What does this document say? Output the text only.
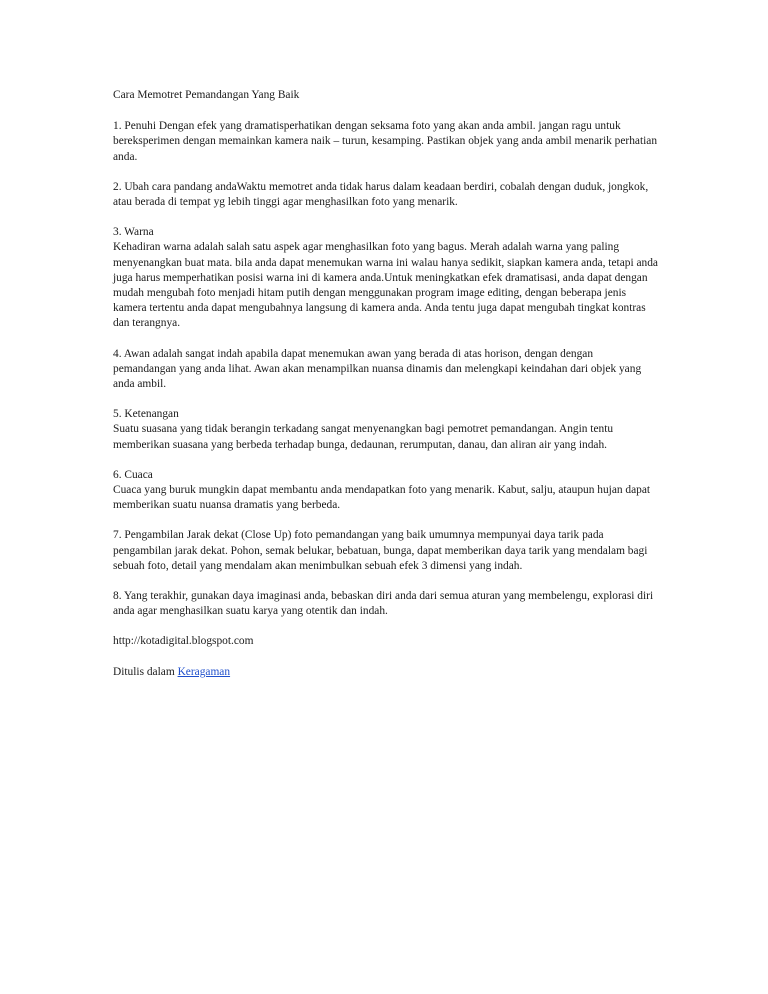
Cara Memotret Pemandangan Yang Baik

1. Penuhi Dengan efek yang dramatisperhatikan dengan seksama foto yang akan anda ambil. jangan ragu untuk bereksperimen dengan memainkan kamera naik – turun, kesamping. Pastikan objek yang anda ambil menarik perhatian anda.

2. Ubah cara pandang andaWaktu memotret anda tidak harus dalam keadaan berdiri, cobalah dengan duduk, jongkok, atau berada di tempat yg lebih tinggi agar menghasilkan foto yang menarik.

3. Warna
Kehadiran warna adalah salah satu aspek agar menghasilkan foto yang bagus. Merah adalah warna yang paling menyenangkan buat mata. bila anda dapat menemukan warna ini walau hanya sedikit, siapkan kamera anda, tetapi anda juga harus memperhatikan posisi warna ini di kamera anda.Untuk meningkatkan efek dramatisasi, anda dapat dengan mudah mengubah foto menjadi hitam putih dengan menggunakan program image editing, dengan beberapa jenis kamera tertentu anda dapat mengubahnya langsung di kamera anda. Anda tentu juga dapat mengubah tingkat kontras dan terangnya.

4. Awan adalah sangat indah apabila dapat menemukan awan yang berada di atas horison, dengan dengan pemandangan yang anda lihat. Awan akan menampilkan nuansa dinamis dan melengkapi keindahan dari objek yang anda ambil.

5. Ketenangan
Suatu suasana yang tidak berangin terkadang sangat menyenangkan bagi pemotret pemandangan. Angin tentu memberikan suasana yang berbeda terhadap bunga, dedaunan, rerumputan, danau, dan aliran air yang indah.

6. Cuaca
Cuaca yang buruk mungkin dapat membantu anda mendapatkan foto yang menarik. Kabut, salju, ataupun hujan dapat memberikan suatu nuansa dramatis yang berbeda.

7. Pengambilan Jarak dekat (Close Up) foto pemandangan yang baik umumnya mempunyai daya tarik pada pengambilan jarak dekat. Pohon, semak belukar, bebatuan, bunga, dapat memberikan daya tarik yang mendalam bagi sebuah foto, detail yang mendalam akan menimbulkan sebuah efek 3 dimensi yang indah.

8. Yang terakhir, gunakan daya imaginasi anda, bebaskan diri anda dari semua aturan yang membelengu, explorasi diri anda agar menghasilkan suatu karya yang otentik dan indah.

http://kotadigital.blogspot.com

Ditulis dalam Keragaman
